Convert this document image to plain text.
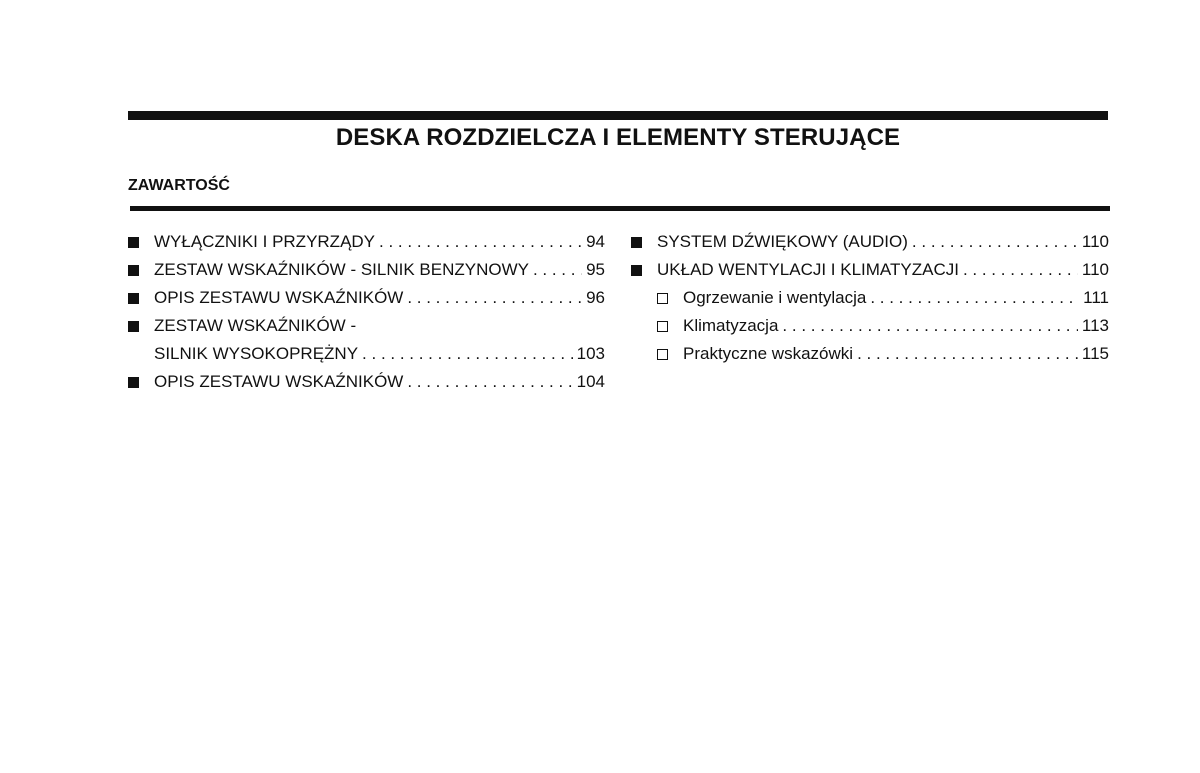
DESKA ROZDZIELCZA I ELEMENTY STERUJĄCE
ZAWARTOŚĆ
WYŁĄCZNIKI I PRZYRZĄDY . . .	94
ZESTAW WSKAŹNIKÓW - SILNIK BENZYNOWY . . .	95
OPIS ZESTAWU WSKAŹNIKÓW . . .	96
ZESTAW WSKAŹNIKÓW -
SILNIK WYSOKOPRĘŻNY . . .	103
OPIS ZESTAWU WSKAŹNIKÓW . . .	104
SYSTEM DŹWIĘKOWY (AUDIO) . . .	110
UKŁAD WENTYLACJI I KLIMATYZACJI . . .	110
Ogrzewanie i wentylacja . . .	111
Klimatyzacja . . .	113
Praktyczne wskazówki . . .	115
